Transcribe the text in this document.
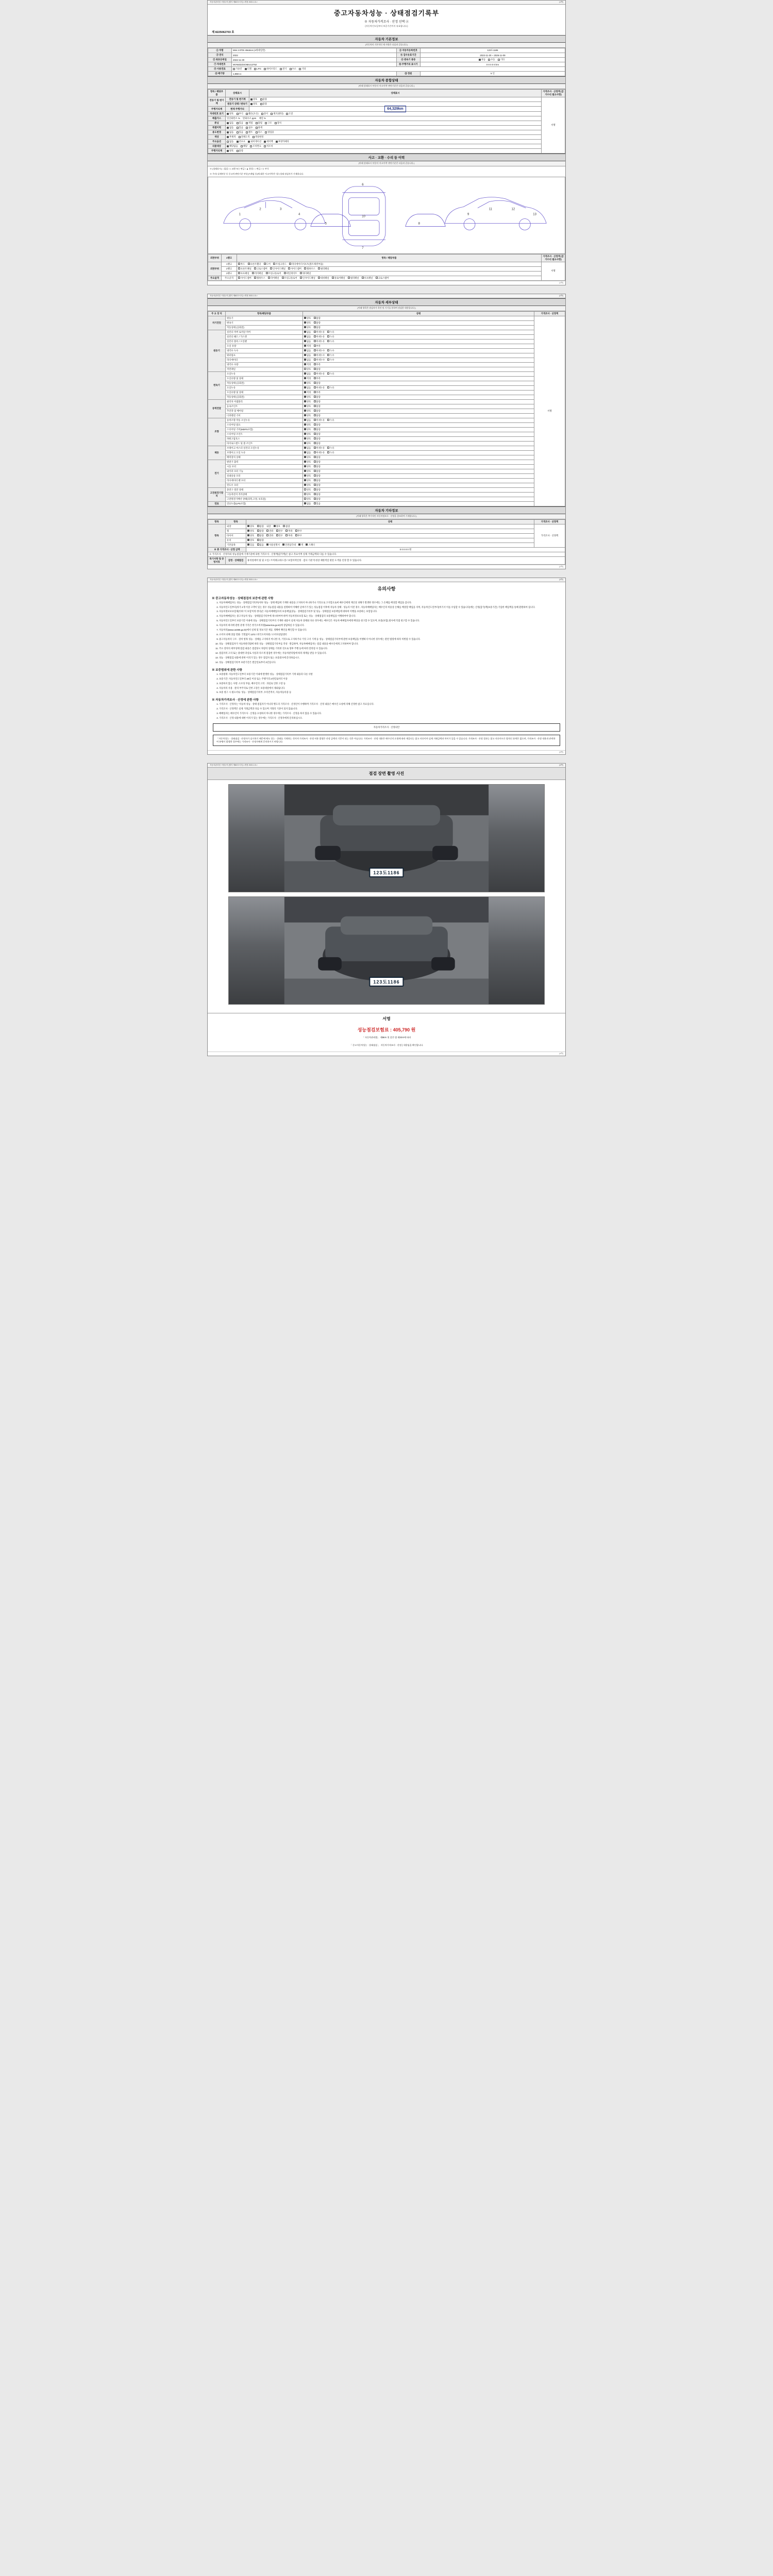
자동차관리법 시행규칙 [별지 제82호서식] <개정 2021.1.5.>	(1쪽)
중고자동차성능 · 상태점검기록부
※ 자동차가격조사 · 산정 선택 ②
(자동차인도일부터 보증기간까지 유효합니다.)
제 8225062703 호
자동차 기본정보
(자동차의 기본적인 제 사항은 다음과 같습니다.)
① 차명	Mini 2.0TDi 4Motion (4세대일반)	② 자동차등록번호	123도1186
③ 연식	2022	④ 검사유효기간	2022-11-30 ~ 2026-11-09
⑤ 최초등록일	2022-11-30	⑥ 변속기 종류	자동 수동 기타
⑦ 차대번호	WVWZZZ3CNEU12752	⑩ 주행거리 표시기	0 0 0 0 0 km
⑨ 사용연료	가솔린 디젤 LPG 하이브리드 전기 수소 기타		
⑪ 배기량	1,968 cc	⑫ 정원	5 인
자동차 종합상태
(아래 상태표시 부분의 '사고이력' 판단기준은 다음과 같습니다.)
항목 / 해당부품	상태표시	상태표시	가격조사 · 산정액 (감가수리 필요사항)
전동기 및 변기계	전동기 및 변기계	양호 불량	서명
	원동기 상태 / 변속기	양호 불량	
주행거리계	현재 주행거리	64,329km	
차대번호 표기	양호 부식 훼손(오손) 상이 변조(변타) 도말		
배출가스	일산화탄소 % 탄화수소 ppm 매연 %		
튜닝	없음 있음 적법 불법 구조 장치		
특별이력	없음 있음 침수 화재		
용도변경	없음 있음 렌트 리스 영업용		
색상	무채색 전체도색 색상변경		
주요옵션	없음 선루프 내비게이션 에어백 후방카메라		
리콜대상	해당없음 해당 조치완료 미조치		
주행거리계	양호 불량		
사고 · 교환 · 수리 등 이력
(아래 상태표시 부분의 '사고이력' 판단기준은 다음과 같습니다.)
※ (상태표시) ○ 없음 / × 교환 또는 판금 / ▲ 용접 / ○ 판금 / ☆ 부식
※ 주의! 실제부분 등 중고차 판단기준 부분(프레임 등)에 대한 '사고이력'은 성능상태 점검자가 기재합니다.
1
2	3
4
5
6
10
7
8
9
11	12
13
외판부위	1랭크	항목 / 해당부품	가격조사 · 산정액 (감가수리 필요사항)
외판부위	1랭크	후드 프론트휀더 도어 트렁크리드 라디에이터서포트(볼트체결부품)	서명
	2랭크	프론트패널 크로스멤버 인사이드패널 사이드멤버 휠하우스 필러패널	
	3랭크	루프패널 리어패널 트렁크플로어 테일게이트 쿼터패널	
주요골격	주요골격	사이드멤버 휠하우스 리어패널 트렁크플로어 인사이드패널 대쉬패널 플로어패널 필러패널 루프패널 크로스멤버	
(1쪽)
자동차관리법 시행규칙 [별지 제82호서식] <개정 2021.1.5.>	(2쪽)
자동차 세부상태
(아래 항목은 점검자가 육안 및 기기를 통하여 점검한 내용입니다.)
주 요 장 치	항목/해당부품	상태	가격조사 · 산정액
자기진단	원동기	양호 불량	서명
	변속기	양호 불량	
	작동상태 (공회전)	양호 불량	
원동기	실린더 커버 로커암 커버	없음 미세누유 누유	
	실린더 헤드 / 가스켓	없음 미세누유 누유	
	실린더 블록 / 오일팬	없음 미세누유 누유	
	오일 유량	적정 부족	
	냉각수 누수	없음 미세누수 누수	
	워터펌프	없음 미세누수 누수	
	라디에이터	없음 미세누수 누수	
	냉각수 수량	적정 부족	
	커먼레일	양호 불량	
변속기	오일누유	없음 미세누유 누유	
	오일유량 및 상태	적정 부족	
	작동상태 (공회전)	양호 불량	
	오일누유	없음 미세누유 누유	
	오일유량 및 상태	적정 부족	
	작동상태 (공회전)	양호 불량	
동력전달	클러치 어셈블리	양호 불량	
	등속조인트	양호 불량	
	추진축 및 베어링	양호 불량	
	디퍼렌셜 기어	양호 불량	
조향	동력조향 작동 오일누유	없음 미세누유 누유	
	스티어링 펌프	양호 불량	
	스티어링 기어(MDPS포함)	양호 불량	
	스티어링 조인트	양호 불량	
	파워고압호스	양호 불량	
	타이로드엔드 및 볼 조인트	양호 불량	
제동	브레이크 마스터 실린더 오일누유	없음 미세누유 누유	
	브레이크 오일 누유	없음 미세누유 누유	
	배력장치 상태	양호 불량	
전기	발전기 출력	양호 불량	
	시동 모터	양호 불량	
	와이퍼 모터 기능	양호 불량	
	실내송풍 모터	양호 불량	
	라디에이터 팬 모터	양호 불량	
	윈도우 모터	양호 불량	
고전원전기장치	충전구 절연 상태	양호 불량	
	구동축전지 격리상태	양호 불량	
	고전원전기배선 상태(피복,고정, 보호물)	양호 불량	
연료	연료누출(LPG포함)	없음 있음	
자동차 기타정보
(아래 항목은 추가적인 자동차정보로 · 산정을 참조하여 기재합니다.)
항목	항목	상태	가격조사 · 산정액
항목	외장	양호 불량 내장 양호 불량	가격조사 · 산정액
	휠	양호 불량 전좌 전우 후좌 후우	
	타이어	양호 불량 전좌 전우 후좌 후우	
	유리	양호 불량	
	기본품목	있음 없음 사용설명서 안전삼각대 잭 스패너	
※ 총 가격조사 · 산정 금액		0 0 0 0 0 원	
※ 가격조사 · 산정자의 성능점검에 기재기준에 의한 가격조사 · 산정액(감가액)은 참고 자료이며 실제 거래금액과 다를 수 있습니다.			
특기사항 및 증빙서류	감정 · 상태점검	휴리얼에어 및 및 오일 / 트럭테크타드장 / 보험이력인정 · 검사 기관 특성상 제한적일 판문 도색을 인정 할 수 있습니다.	
(2쪽)
자동차관리법 시행규칙 [별지 제82호서식] <개정 2021.1.5.>	(3쪽)
유의사항
※ 중고자동차성능 · 상태점검의 보증에 관한 사항
1. 자동차매매업자는 성능 · 상태점검기록부(이하 '성능 · 상태 책임에 기재한 내용을 고지하지 아니하거나 거짓으로 고지할으로써 매수인에게 재산상 피해가 발생한 경우에는 그 손해를 배상할 책임을 갑니다.
2. 자동차인도일부터(차가 2개 이상 고객이 있는 경우 성능점검 내용을 설명하여 이해한 날짜기가 있는 성능점검 이후에 자동차 상태 · 성능의 이전 경우, 자동차매매업자는 매수인의 비용상 손해를 배상할 책임을 지며, 자동차인도일부터(여기서 이를 수입할 수 있습니다)에는 산정(감가)액(보증기간) 기입한 책임액을 통해 환원하여 집니다.
3. 자동차정보보보험제(이하 '이 보험'이라 한다)은 자동차매매업자의 보증책임(성능 · 상태점검기록부 및 성능 · 상태점검 보증책임에 대하여 이행을 보증하는 보험입니다.
4. 자동차매매업자는 중고자동차 성능 · 상태점검기록부에 제시하여야 하며 자동차정보보험 또는 성능 · 상태점검의 보증책임을 이행하여야 합니다.
5. 자동차인도일부터 보증기간 이내에 성능 · 상태점검기록부의 기재한 내용이 실제 자동차 상태와 다른 경우에는 매수인은 자동차 매매업자에게 배상을 청구할 수 있으며, 보증(보험) 회사에 직접 청구할 수 있습니다.
6. 자동차의 하자에 관한 분쟁 가격은 한국소비자원(www.kca.go.kr)에 상담하실 수 있습니다.
7. 자동차의(www.car365.go.kr)에서 실제 및 정보기간 제공, 정확한 확인을 확인할 수 있습니다.
8. 소비자 피해 상담 전화: 국번없이 1372 / 한국소비자원 / 소비자상담센터
9. 중고자동차의 구조 · 장치 항목 성능 · 상태를 고지하지 아니한 자, 거짓으로 고지하거나 거짓 고지 기재 등 성능 · 상태점검기록부에 관한 보증책임을 이행하지 아니한 경우에는 관련 법령에 따라 처벌될 수 있습니다.
10. 성능 · 상태점검자가 자동차관리법에 따라 성능 · 상태점검기록부를 작성 · 발급하며, 자동차매매업자는 점검 내용을 매수인에게 고지하여야 합니다.
11. 주요 장치의 세부상태 점검 내용은 점검당시 차량의 상태를 기록한 것으로 향후 주행 등에 따라 달라질 수 있습니다.
12. 점검자의 고의 또는 중대한 과실로 사실과 다르게 점검한 경우에는 자동차관리법에 따라 제재를 받을 수 있습니다.
13. 성능 · 상태점검 내용에 관한 이의가 있는 경우 점검자 또는 보증회사에 문의하십시오.
14. 성능 · 상태점검기록부 보관기간은 발급일로부터 2년입니다.
※ 보증범위에 관한 사항
1. 보증범위: 자동차인도일부터 보증기간 이내에 발생한 성능 · 상태점검기록부 기재 내용과 다른 사항
2. 보증기간: 자동차인도일부터 30일 이상 또는 주행거리 2천킬로미터 이상
3. 보증하지 않는 사항: 소모성 부품, 매수인의 고의 · 과실로 인한 고장 등
4. 자동차의 사용 · 관리 부주의로 인한 고장은 보증대상에서 제외됩니다.
5. 보증 청구 시 필요서류: 성능 · 상태점검기록부, 수리견적서, 자동차등록증 등
※ 자동차가격조사 · 산정에 관한 사항
1. 가격조사 · 산정자는 '자동차 성능 · 상태 점검자가 아니라 별도의 가격조사 · 산정인이 수행하며 가격조사 · 산정 내용은 매수인 요청에 의해 산정한 참고 자료입니다.
2. 가격조사 · 산정액은 실제 거래금액과 다를 수 있으며 거래의 기준이 되지 않습니다.
3. 매매업자는 매수인이 가격조사 · 산정을 요청하지 아니한 경우에는 가격조사 · 산정을 하지 않을 수 있습니다.
4. 가격조사 · 산정 내용에 대한 이의가 있는 경우에는 가격조사 · 산정자에게 문의하십시오.
자동차가격조사 · 산정의안
「자동차성능 · 상태점검 · 산정자가 실시하기 때문에 매도 성능 · 상태를 기재하는 것이며 가격조사 · 산정 비용 발생은 산정 금액의 기준이 되는 것은 아닙니다. 가격조사 · 산정 내용은 매수인의 요청에 따라 제공되는 참고 자료이며 실제 거래금액과 차이가 있을 수 있습니다. 가격조사 · 산정 결과는 참고 자료이므로 법적인 효력은 없으며, 가격조사 · 산정 내용과 관련하여 분쟁이 발생한 경우에는 가격조사 · 산정자에게 문의하시기 바랍니다.
(3쪽)
자동차관리법 시행규칙 [별지 제82호서식] <개정 2021.1.5.>	(4쪽)
점검 장면 촬영 사진
123도1186
123도1186
서명
성능점검보험료 : 405,790 원
「 자동차관리법」 제58조 및 같은 법 제33조에 따라
「 중고자동차성능 · 상태점검 」 자동차가격조사 · 산정 } 내용임을 확인합니다.
(4쪽)
